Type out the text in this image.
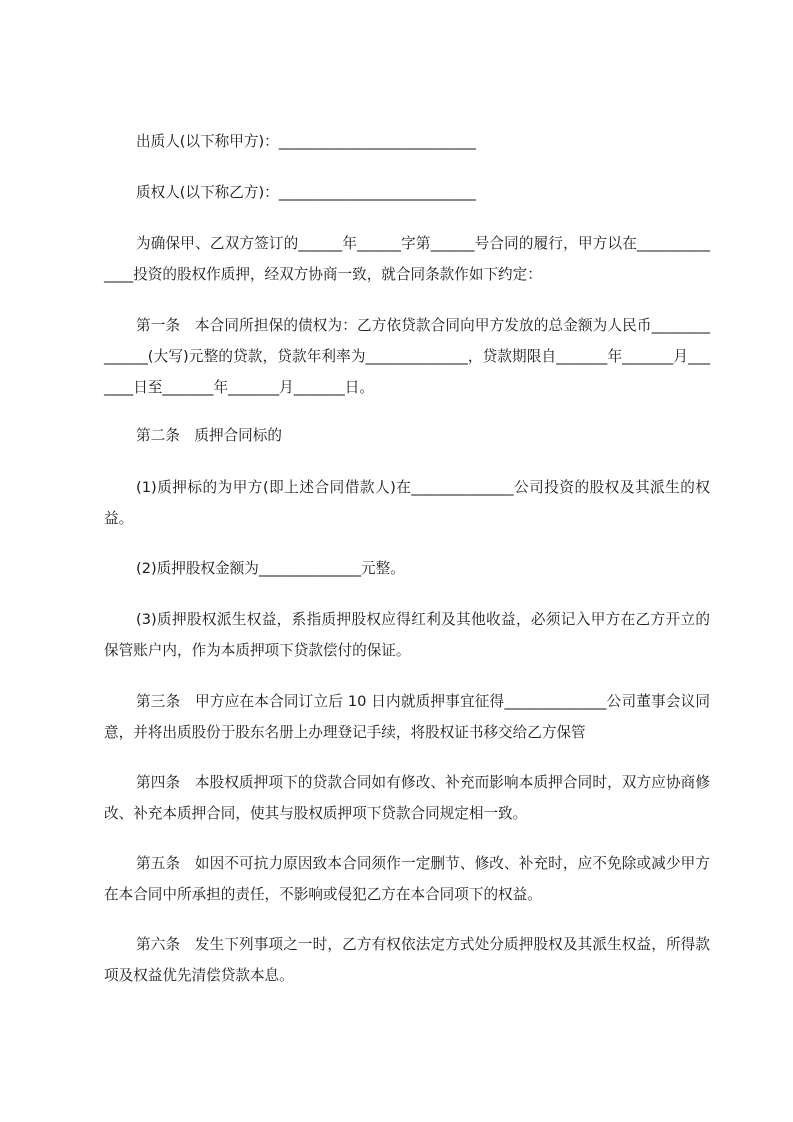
出质人(以下称甲方)：___________________________

质权人(以下称乙方)：___________________________

为确保甲、乙双方签订的______年______字第______号合同的履行，甲方以在______________投资的股权作质押，经双方协商一致，就合同条款作如下约定：

第一条　本合同所担保的债权为：乙方依贷款合同向甲方发放的总金额为人民币______________(大写)元整的贷款，贷款年利率为______________，贷款期限自_______年_______月_______日至_______年_______月_______日。

第二条　质押合同标的

(1)质押标的为甲方(即上述合同借款人)在______________公司投资的股权及其派生的权益。

(2)质押股权金额为______________元整。

(3)质押股权派生权益，系指质押股权应得红利及其他收益，必须记入甲方在乙方开立的保管账户内，作为本质押项下贷款偿付的保证。

第三条　甲方应在本合同订立后 10 日内就质押事宜征得______________公司董事会议同意，并将出质股份于股东名册上办理登记手续，将股权证书移交给乙方保管

第四条　本股权质押项下的贷款合同如有修改、补充而影响本质押合同时，双方应协商修改、补充本质押合同，使其与股权质押项下贷款合同规定相一致。

第五条　如因不可抗力原因致本合同须作一定删节、修改、补充时，应不免除或减少甲方在本合同中所承担的责任，不影响或侵犯乙方在本合同项下的权益。

第六条　发生下列事项之一时，乙方有权依法定方式处分质押股权及其派生权益，所得款项及权益优先清偿贷款本息。
